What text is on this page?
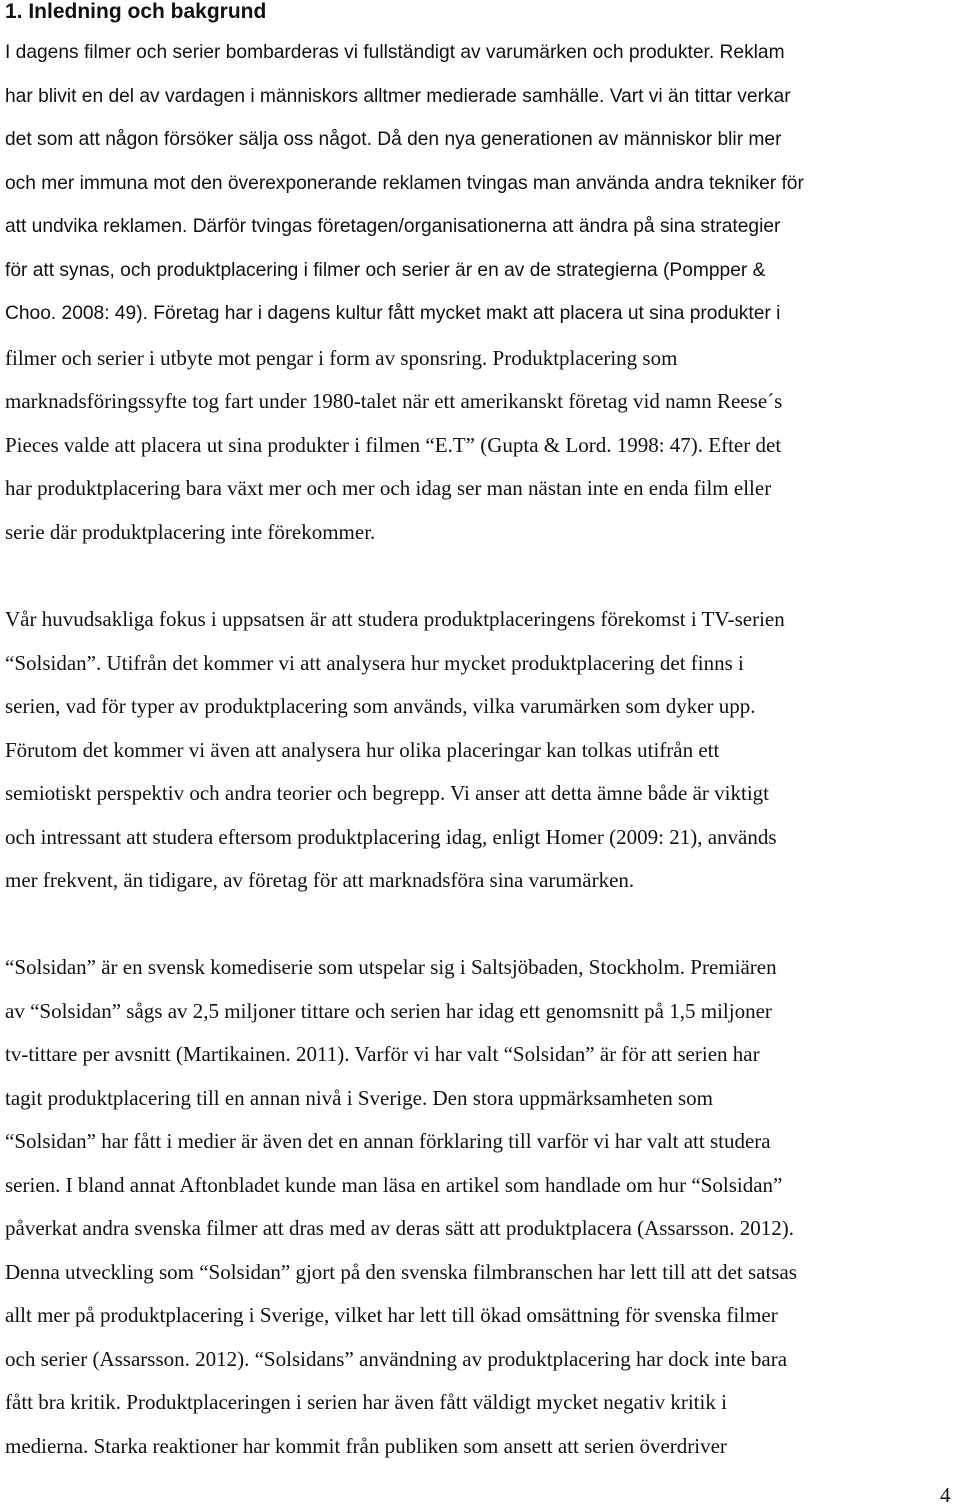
1. Inledning och bakgrund

I dagens filmer och serier bombarderas vi fullständigt av varumärken och produkter. Reklam

har blivit en del av vardagen i människors alltmer medierade samhälle. Vart vi än tittar verkar

det som att någon försöker sälja oss något. Då den nya generationen av människor blir mer

och mer immuna mot den överexponerande reklamen tvingas man använda andra tekniker för

att undvika reklamen. Därför tvingas företagen/organisationerna att ändra på sina strategier

för att synas, och produktplacering i filmer och serier är en av de strategierna (Pompper &

Choo. 2008: 49). Företag har i dagens kultur fått mycket makt att placera ut sina produkter i

filmer och serier i utbyte mot pengar i form av sponsring. Produktplacering som

marknadsföringssyfte tog fart under 1980-talet när ett amerikanskt företag vid namn Reese´s

Pieces valde att placera ut sina produkter i filmen “E.T” (Gupta & Lord. 1998: 47). Efter det

har produktplacering bara växt mer och mer och idag ser man nästan inte en enda film eller

serie där produktplacering inte förekommer.

Vår huvudsakliga fokus i uppsatsen är att studera produktplaceringens förekomst i TV-serien

“Solsidan”. Utifrån det kommer vi att analysera hur mycket produktplacering det finns i

serien, vad för typer av produktplacering som används, vilka varumärken som dyker upp.

Förutom det kommer vi även att analysera hur olika placeringar kan tolkas utifrån ett

semiotiskt perspektiv och andra teorier och begrepp. Vi anser att detta ämne både är viktigt

och intressant att studera eftersom produktplacering idag, enligt Homer (2009: 21), används

mer frekvent, än tidigare, av företag för att marknadsföra sina varumärken.

“Solsidan” är en svensk komediserie som utspelar sig i Saltsjöbaden, Stockholm. Premiären

av “Solsidan” sågs av 2,5 miljoner tittare och serien har idag ett genomsnitt på 1,5 miljoner

tv-tittare per avsnitt (Martikainen. 2011). Varför vi har valt “Solsidan” är för att serien har

tagit produktplacering till en annan nivå i Sverige. Den stora uppmärksamheten som

“Solsidan” har fått i medier är även det en annan förklaring till varför vi har valt att studera

serien. I bland annat Aftonbladet kunde man läsa en artikel som handlade om hur “Solsidan”

påverkat andra svenska filmer att dras med av deras sätt att produktplacera (Assarsson. 2012).

Denna utveckling som “Solsidan” gjort på den svenska filmbranschen har lett till att det satsas

allt mer på produktplacering i Sverige, vilket har lett till ökad omsättning för svenska filmer

och serier (Assarsson. 2012). “Solsidans” användning av produktplacering har dock inte bara

fått bra kritik. Produktplaceringen i serien har även fått väldigt mycket negativ kritik i

medierna. Starka reaktioner har kommit från publiken som ansett att serien överdriver

4
